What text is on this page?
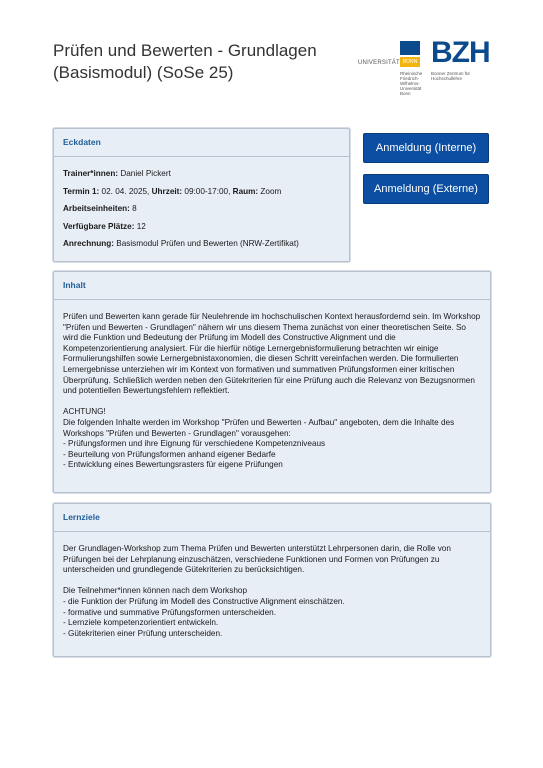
Prüfen und Bewerten - Grundlagen (Basismodul) (SoSe 25)	UNIVERSITÄT BONN
Rheinische Friedrich-Wilhelms-Universität Bonn
BZH
Bonner Zentrum für Hochschullehre
Eckdaten
Trainer*innen: Daniel Pickert
Termin 1: 02. 04. 2025, Uhrzeit: 09:00-17:00, Raum: Zoom
Arbeitseinheiten: 8
Verfügbare Plätze: 12
Anrechnung: Basismodul Prüfen und Bewerten (NRW-Zertifikat)
Anmeldung (Interne)
Anmeldung (Externe)
Inhalt

Prüfen und Bewerten kann gerade für Neulehrende im hochschulischen Kontext herausfordernd sein. Im Workshop "Prüfen und Bewerten - Grundlagen" nähern wir uns diesem Thema zunächst von einer theoretischen Seite. So wird die Funktion und Bedeutung der Prüfung im Modell des Constructive Alignment und die Kompetenzorientierung analysiert. Für die hierfür nötige Lernergebnisformulierung betrachten wir einige Formulierungshilfen sowie Lernergebnistaxonomien, die diesen Schritt vereinfachen werden. Die formulierten Lernergebnisse unterziehen wir im Kontext von formativen und summativen Prüfungsformen einer kritischen Überprüfung. Schließlich werden neben den Gütekriterien für eine Prüfung auch die Relevanz von Bezugsnormen und potentiellen Bewertungsfehlern reflektiert.

ACHTUNG!
Die folgenden Inhalte werden im Workshop "Prüfen und Bewerten - Aufbau" angeboten, dem die Inhalte des Workshops "Prüfen und Bewerten - Grundlagen" vorausgehen:
- Prüfungsformen und ihre Eignung für verschiedene Kompetenzniveaus
- Beurteilung von Prüfungsformen anhand eigener Bedarfe
- Entwicklung eines Bewertungsrasters für eigene Prüfungen
Lernziele

Der Grundlagen-Workshop zum Thema Prüfen und Bewerten unterstützt Lehrpersonen darin, die Rolle von Prüfungen bei der Lehrplanung einzuschätzen, verschiedene Funktionen und Formen von Prüfungen zu unterscheiden und grundlegende Gütekriterien zu berücksichtigen.

Die Teilnehmer*innen können nach dem Workshop
- die Funktion der Prüfung im Modell des Constructive Alignment einschätzen.
- formative und summative Prüfungsformen unterscheiden.
- Lernziele kompetenzorientiert entwickeln.
- Gütekriterien einer Prüfung unterscheiden.
